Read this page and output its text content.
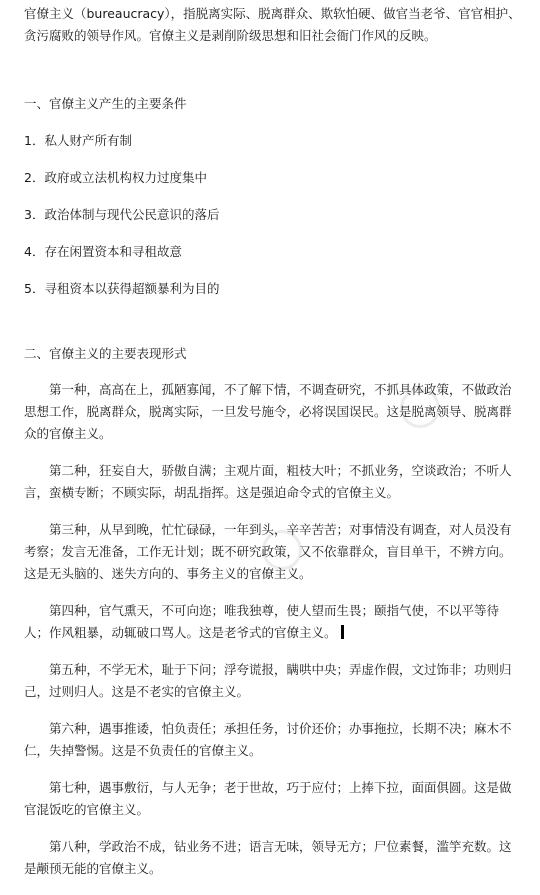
官僚主义（bureaucracy），指脱离实际、脱离群众、欺软怕硬、做官当老爷、官官相护、贪污腐败的领导作风。官僚主义是剥削阶级思想和旧社会衙门作风的反映。

一、官僚主义产生的主要条件

1．私人财产所有制

2．政府或立法机构权力过度集中

3．政治体制与现代公民意识的落后

4．存在闲置资本和寻租故意

5．寻租资本以获得超额暴利为目的

二、官僚主义的主要表现形式

第一种，高高在上，孤陋寡闻，不了解下情，不调查研究，不抓具体政策，不做政治思想工作，脱离群众，脱离实际，一旦发号施令，必将误国误民。这是脱离领导、脱离群众的官僚主义。

第二种，狂妄自大，骄傲自满；主观片面，粗枝大叶；不抓业务，空谈政治；不听人言，蛮横专断；不顾实际，胡乱指挥。这是强迫命令式的官僚主义。

第三种，从早到晚，忙忙碌碌，一年到头，辛辛苦苦；对事情没有调查，对人员没有考察；发言无准备，工作无计划；既不研究政策，又不依靠群众，盲目单干，不辨方向。这是无头脑的、迷失方向的、事务主义的官僚主义。

第四种，官气熏天，不可向迩；唯我独尊，使人望而生畏；颐指气使，不以平等待人；作风粗暴，动辄破口骂人。这是老爷式的官僚主义。

第五种，不学无术，耻于下问；浮夸谎报，瞒哄中央；弄虚作假，文过饰非；功则归己，过则归人。这是不老实的官僚主义。

第六种，遇事推诿，怕负责任；承担任务，讨价还价；办事拖拉，长期不决；麻木不仁，失掉警惕。这是不负责任的官僚主义。

第七种，遇事敷衍，与人无争；老于世故，巧于应付；上捧下拉，面面俱圆。这是做官混饭吃的官僚主义。

第八种，学政治不成，钻业务不进；语言无味，领导无方；尸位素餐，滥竽充数。这是颟顸无能的官僚主义。
